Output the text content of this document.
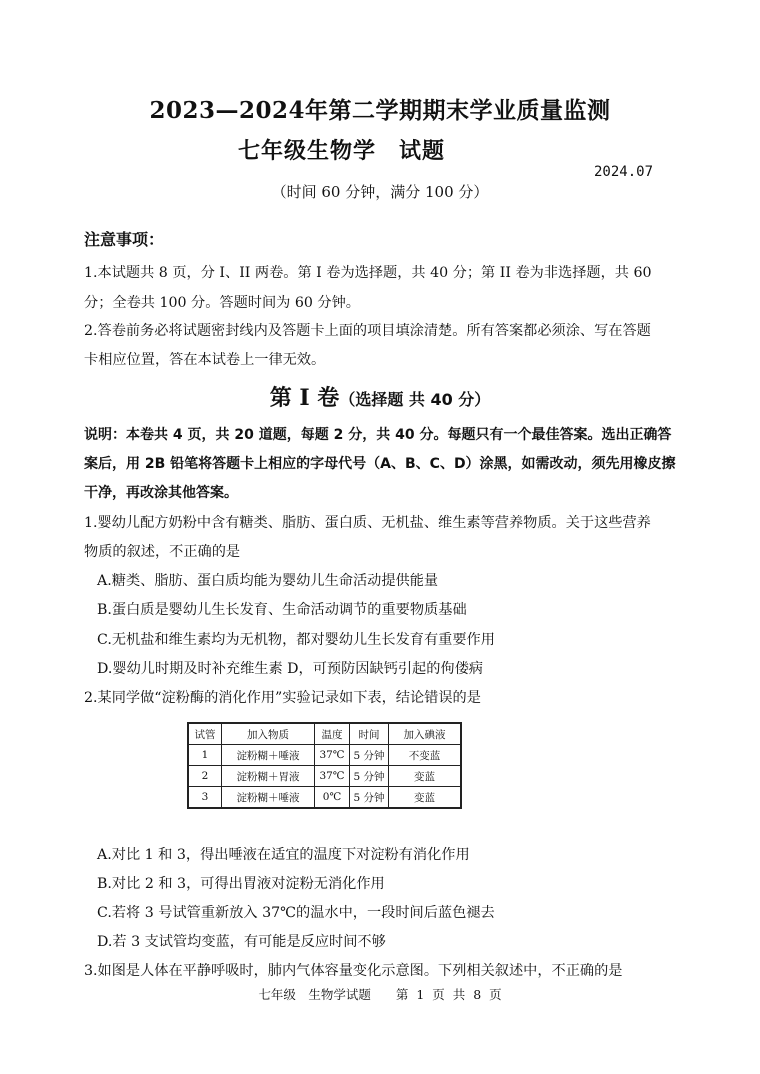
2023—2024年第二学期期末学业质量监测
七年级生物学　试题
2024.07
（时间 60 分钟，满分 100 分）
注意事项：
1.本试题共 8 页，分 I、II 两卷。第 I 卷为选择题，共 40 分；第 II 卷为非选择题，共 60
分；全卷共 100 分。答题时间为 60 分钟。
2.答卷前务必将试题密封线内及答题卡上面的项目填涂清楚。所有答案都必须涂、写在答题
卡相应位置，答在本试卷上一律无效。
第 I 卷（选择题 共 40 分）
说明：本卷共 4 页，共 20 道题，每题 2 分，共 40 分。每题只有一个最佳答案。选出正确答
案后，用 2B 铅笔将答题卡上相应的字母代号（A、B、C、D）涂黑，如需改动，须先用橡皮擦
干净，再改涂其他答案。
1.婴幼儿配方奶粉中含有糖类、脂肪、蛋白质、无机盐、维生素等营养物质。关于这些营养
物质的叙述，不正确的是
A.糖类、脂肪、蛋白质均能为婴幼儿生命活动提供能量
B.蛋白质是婴幼儿生长发育、生命活动调节的重要物质基础
C.无机盐和维生素均为无机物，都对婴幼儿生长发育有重要作用
D.婴幼儿时期及时补充维生素 D，可预防因缺钙引起的佝偻病
2.某同学做“淀粉酶的消化作用”实验记录如下表，结论错误的是
试管	加入物质	温度	时间	加入碘液
1	淀粉糊＋唾液	37℃	5 分钟	不变蓝
2	淀粉糊＋胃液	37℃	5 分钟	变蓝
3	淀粉糊＋唾液	0℃	5 分钟	变蓝
A.对比 1 和 3，得出唾液在适宜的温度下对淀粉有消化作用
B.对比 2 和 3，可得出胃液对淀粉无消化作用
C.若将 3 号试管重新放入 37℃的温水中，一段时间后蓝色褪去
D.若 3 支试管均变蓝，有可能是反应时间不够
3.如图是人体在平静呼吸时，肺内气体容量变化示意图。下列相关叙述中，不正确的是
七年级　生物学试题　　第 1 页 共 8 页
